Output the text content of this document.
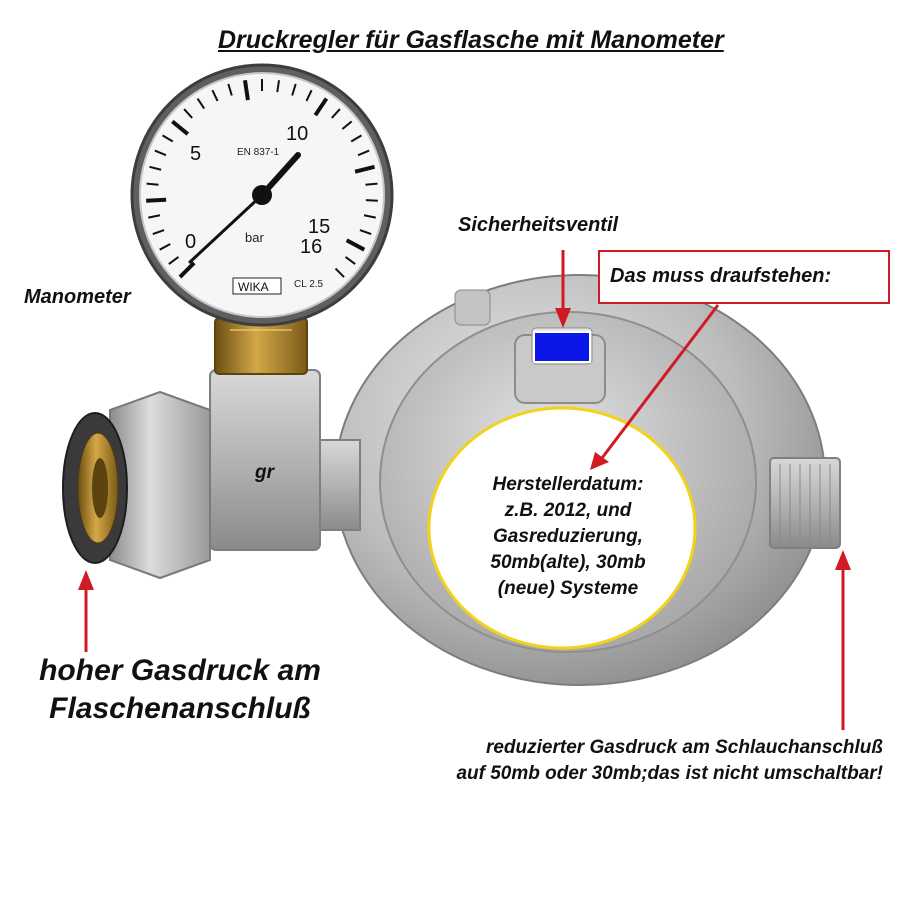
0
5
10
15
16
EN 837-1
bar
WIKA	CL 2.5
Druckregler für Gasflasche mit Manometer
Manometer
Sicherheitsventil
Das muss draufstehen:
gr
Herstellerdatum:
z.B. 2012, und
Gasreduzierung,
50mb(alte), 30mb
(neue) Systeme
hoher Gasdruck am
Flaschenanschluß
reduzierter Gasdruck am Schlauchanschluß
auf 50mb oder 30mb;das ist nicht umschaltbar!
